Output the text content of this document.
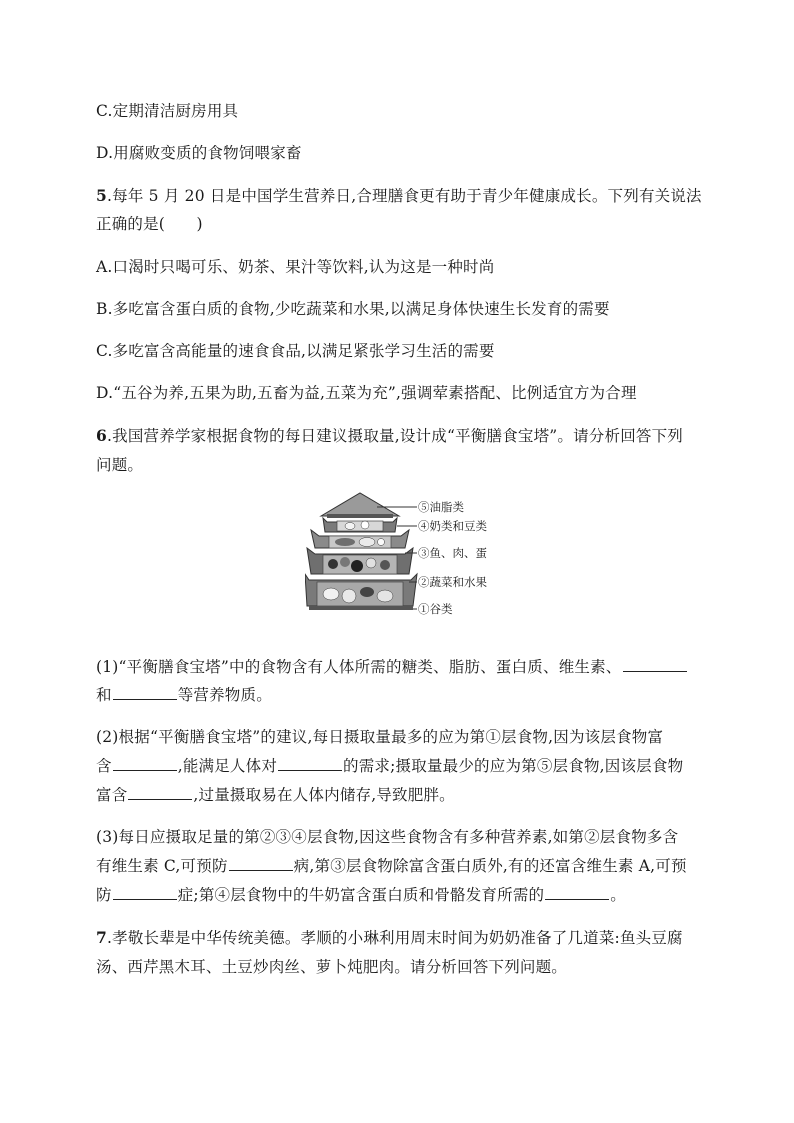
C.定期清洁厨房用具
D.用腐败变质的食物饲喂家畜
5.每年 5 月 20 日是中国学生营养日,合理膳食更有助于青少年健康成长。下列有关说法
正确的是(　　)
A.口渴时只喝可乐、奶茶、果汁等饮料,认为这是一种时尚
B.多吃富含蛋白质的食物,少吃蔬菜和水果,以满足身体快速生长发育的需要
C.多吃富含高能量的速食食品,以满足紧张学习生活的需要
D.“五谷为养,五果为助,五畜为益,五菜为充”,强调荤素搭配、比例适宜方为合理
6.我国营养学家根据食物的每日建议摄取量,设计成“平衡膳食宝塔”。请分析回答下列
问题。
⑤油脂类
④奶类和豆类
③鱼、肉、蛋
②蔬菜和水果
①谷类
(1)“平衡膳食宝塔”中的食物含有人体所需的糖类、脂肪、蛋白质、维生素、
和	等营养物质。
(2)根据“平衡膳食宝塔”的建议,每日摄取量最多的应为第①层食物,因为该层食物富
含	,能满足人体对	的需求;摄取量最少的应为第⑤层食物,因该层食物
富含	,过量摄取易在人体内储存,导致肥胖。
(3)每日应摄取足量的第②③④层食物,因这些食物含有多种营养素,如第②层食物多含
有维生素 C,可预防	病,第③层食物除富含蛋白质外,有的还富含维生素 A,可预
防	症;第④层食物中的牛奶富含蛋白质和骨骼发育所需的	。
7.孝敬长辈是中华传统美德。孝顺的小琳利用周末时间为奶奶准备了几道菜:鱼头豆腐
汤、西芹黑木耳、土豆炒肉丝、萝卜炖肥肉。请分析回答下列问题。
